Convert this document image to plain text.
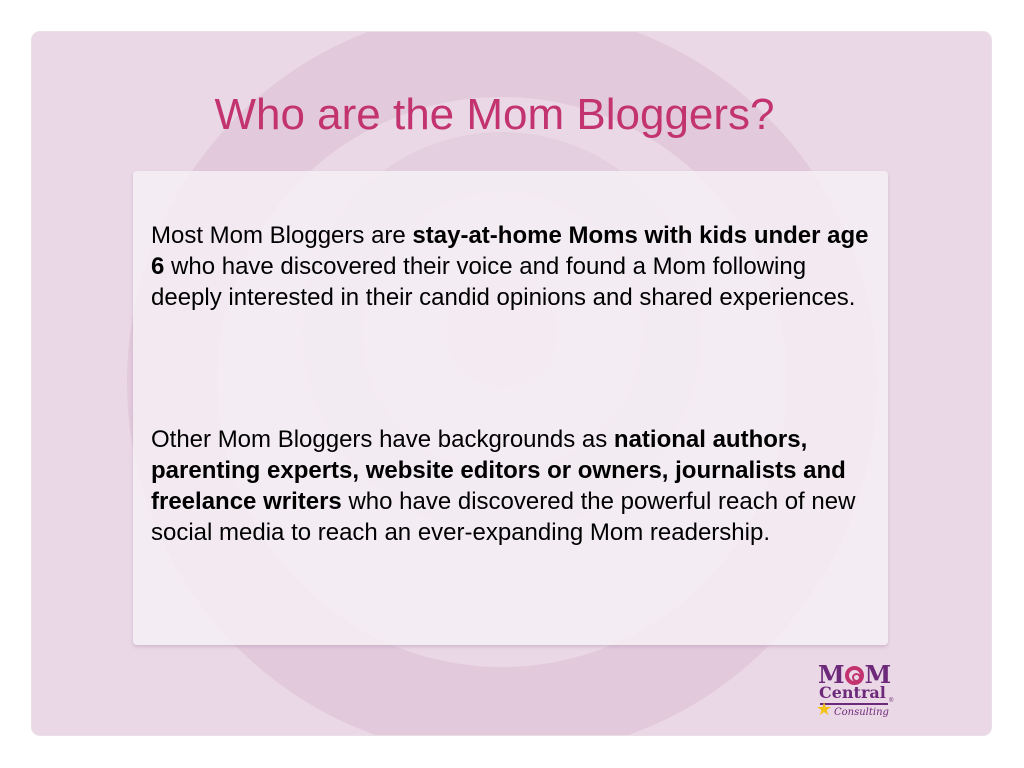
Who are the Mom Bloggers?

Most Mom Bloggers are stay-at-home Moms with kids under age 6 who have discovered their voice and found a Mom following deeply interested in their candid opinions and shared experiences.

Other Mom Bloggers have backgrounds as national authors, parenting experts, website editors or owners, journalists and freelance writers who have discovered the powerful reach of new social media to reach an ever-expanding Mom readership.

M M
Central ®
★ Consulting
